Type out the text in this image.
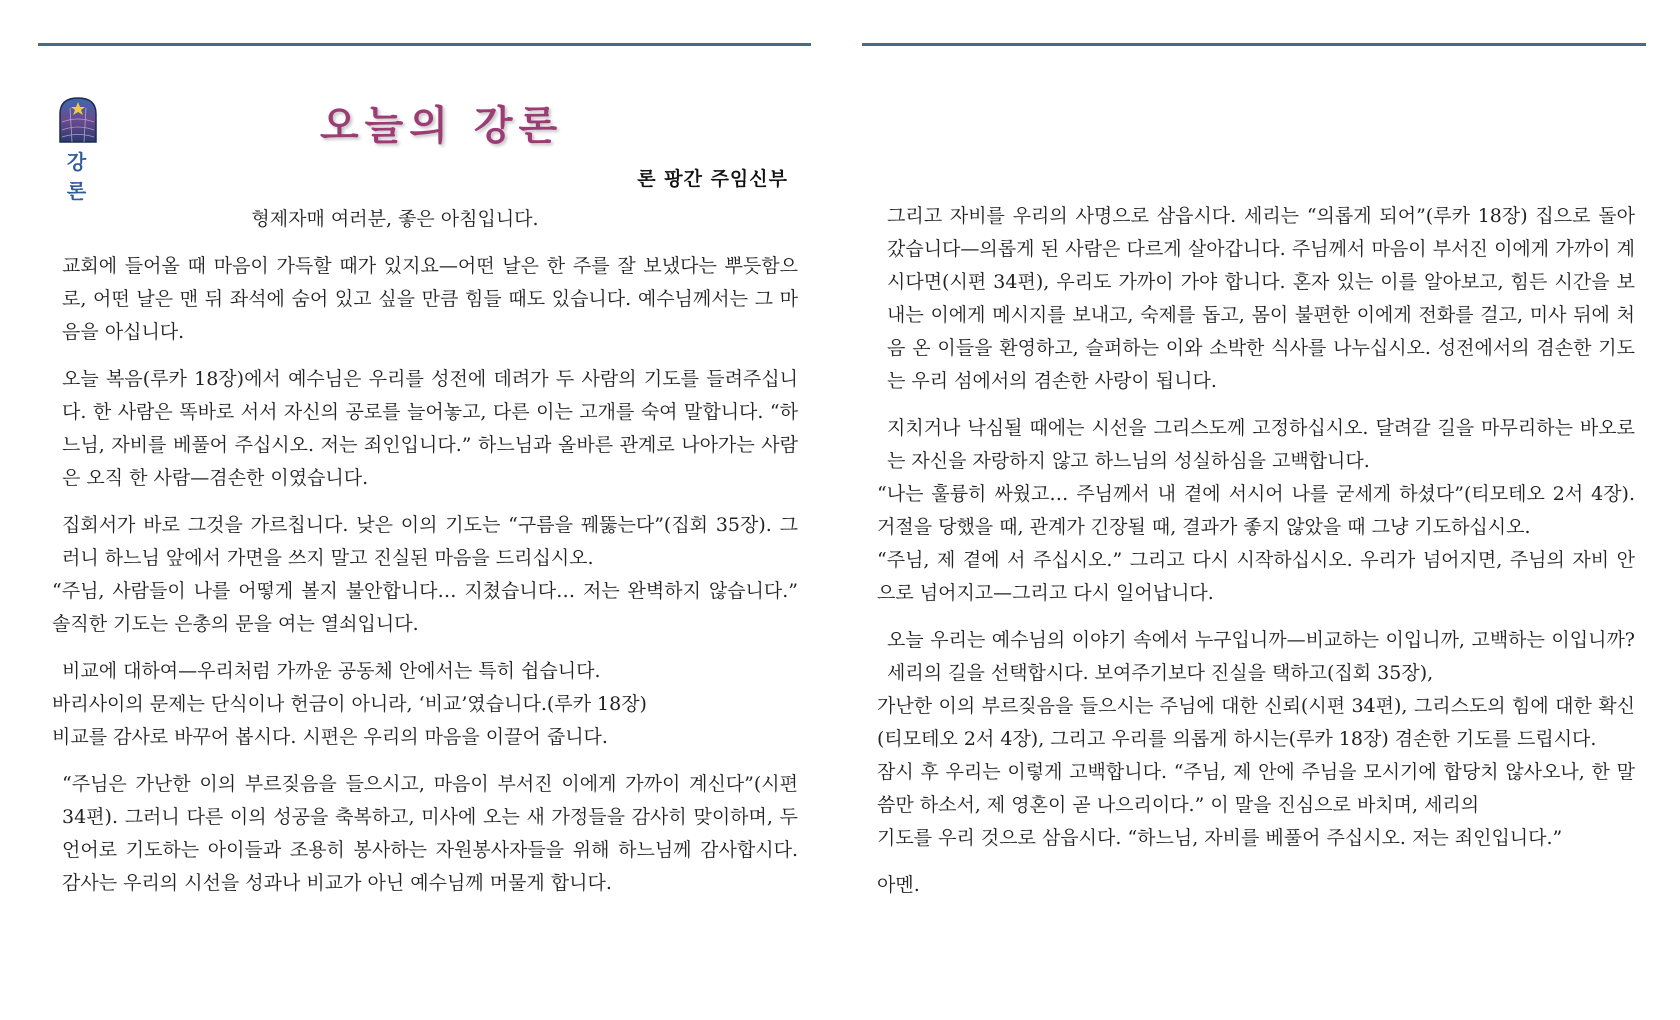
강론
오늘의 강론

론 팡간 주임신부

형제자매 여러분, 좋은 아침입니다.

교회에 들어올 때 마음이 가득할 때가 있지요—어떤 날은 한 주를 잘 보냈다는 뿌듯함으로, 어떤 날은 맨 뒤 좌석에 숨어 있고 싶을 만큼 힘들 때도 있습니다. 예수님께서는 그 마음을 아십니다.

오늘 복음(루카 18장)에서 예수님은 우리를 성전에 데려가 두 사람의 기도를 들려주십니다. 한 사람은 똑바로 서서 자신의 공로를 늘어놓고, 다른 이는 고개를 숙여 말합니다. “하느님, 자비를 베풀어 주십시오. 저는 죄인입니다.” 하느님과 올바른 관계로 나아가는 사람은 오직 한 사람—겸손한 이였습니다.

집회서가 바로 그것을 가르칩니다. 낮은 이의 기도는 “구름을 꿰뚫는다”(집회 35장). 그러니 하느님 앞에서 가면을 쓰지 말고 진실된 마음을 드리십시오.

“주님, 사람들이 나를 어떻게 볼지 불안합니다… 지쳤습니다… 저는 완벽하지 않습니다.” 솔직한 기도는 은총의 문을 여는 열쇠입니다.

비교에 대하여—우리처럼 가까운 공동체 안에서는 특히 쉽습니다.

바리사이의 문제는 단식이나 헌금이 아니라, ‘비교’였습니다.(루카 18장)

비교를 감사로 바꾸어 봅시다. 시편은 우리의 마음을 이끌어 줍니다.

“주님은 가난한 이의 부르짖음을 들으시고, 마음이 부서진 이에게 가까이 계신다”(시편 34편). 그러니 다른 이의 성공을 축복하고, 미사에 오는 새 가정들을 감사히 맞이하며, 두 언어로 기도하는 아이들과 조용히 봉사하는 자원봉사자들을 위해 하느님께 감사합시다. 감사는 우리의 시선을 성과나 비교가 아닌 예수님께 머물게 합니다.

그리고 자비를 우리의 사명으로 삼읍시다. 세리는 “의롭게 되어”(루카 18장) 집으로 돌아갔습니다—의롭게 된 사람은 다르게 살아갑니다. 주님께서 마음이 부서진 이에게 가까이 계시다면(시편 34편), 우리도 가까이 가야 합니다. 혼자 있는 이를 알아보고, 힘든 시간을 보내는 이에게 메시지를 보내고, 숙제를 돕고, 몸이 불편한 이에게 전화를 걸고, 미사 뒤에 처음 온 이들을 환영하고, 슬퍼하는 이와 소박한 식사를 나누십시오. 성전에서의 겸손한 기도는 우리 섬에서의 겸손한 사랑이 됩니다.

지치거나 낙심될 때에는 시선을 그리스도께 고정하십시오. 달려갈 길을 마무리하는 바오로는 자신을 자랑하지 않고 하느님의 성실하심을 고백합니다.

“나는 훌륭히 싸웠고… 주님께서 내 곁에 서시어 나를 굳세게 하셨다”(티모테오 2서 4장). 거절을 당했을 때, 관계가 긴장될 때, 결과가 좋지 않았을 때 그냥 기도하십시오.

“주님, 제 곁에 서 주십시오.” 그리고 다시 시작하십시오. 우리가 넘어지면, 주님의 자비 안으로 넘어지고—그리고 다시 일어납니다.

오늘 우리는 예수님의 이야기 속에서 누구입니까—비교하는 이입니까, 고백하는 이입니까? 세리의 길을 선택합시다. 보여주기보다 진실을 택하고(집회 35장),

가난한 이의 부르짖음을 들으시는 주님에 대한 신뢰(시편 34편), 그리스도의 힘에 대한 확신(티모테오 2서 4장), 그리고 우리를 의롭게 하시는(루카 18장) 겸손한 기도를 드립시다.

잠시 후 우리는 이렇게 고백합니다. “주님, 제 안에 주님을 모시기에 합당치 않사오나, 한 말씀만 하소서, 제 영혼이 곧 나으리이다.” 이 말을 진심으로 바치며, 세리의

기도를 우리 것으로 삼읍시다. “하느님, 자비를 베풀어 주십시오. 저는 죄인입니다.”

아멘.
